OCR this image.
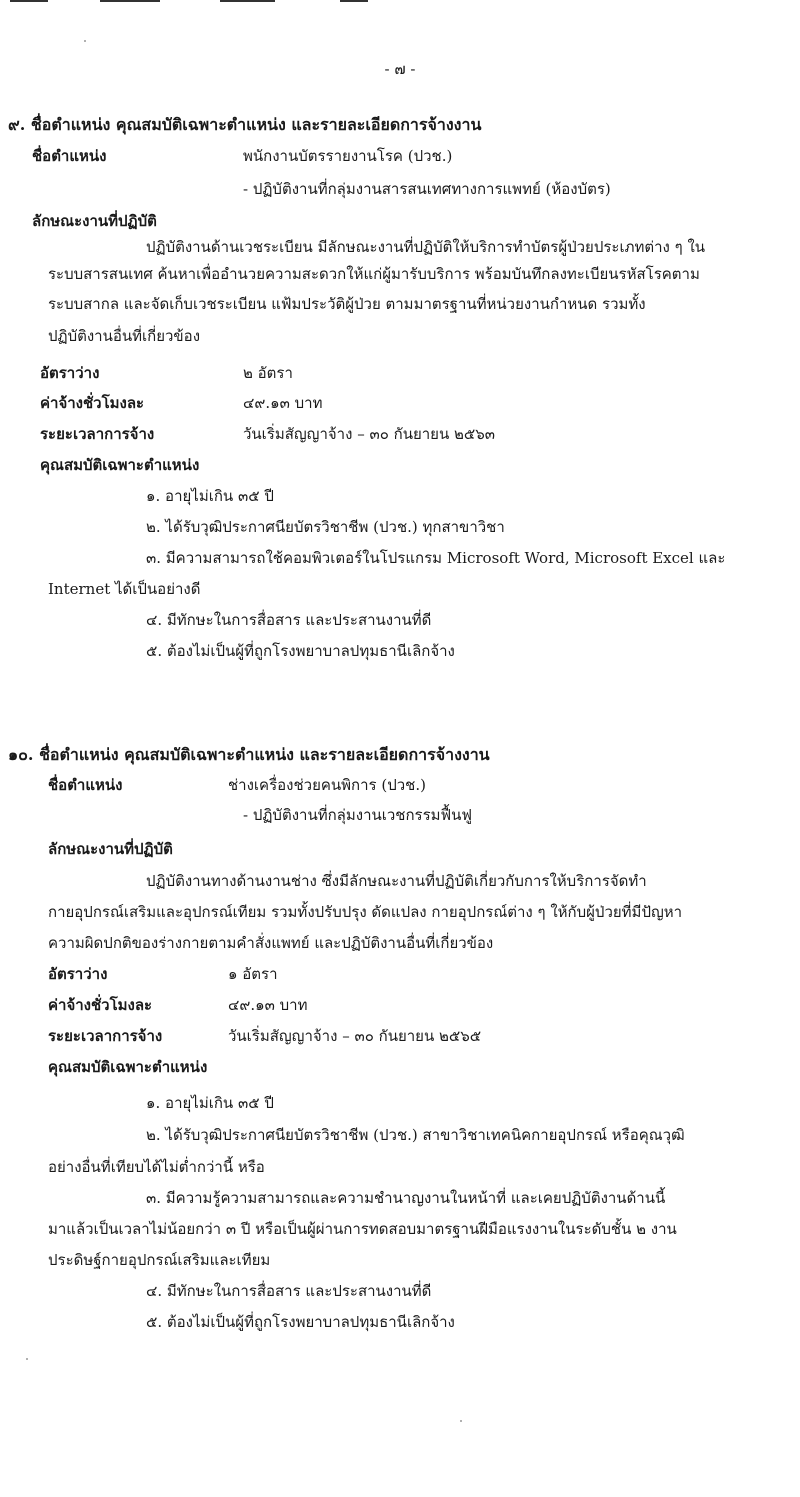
- ๗ -
๙. ชื่อตำแหน่ง คุณสมบัติเฉพาะตำแหน่ง และรายละเอียดการจ้างงาน
ชื่อตำแหน่ง	พนักงานบัตรรายงานโรค (ปวช.)
- ปฏิบัติงานที่กลุ่มงานสารสนเทศทางการแพทย์ (ห้องบัตร)
ลักษณะงานที่ปฏิบัติ
ปฏิบัติงานด้านเวชระเบียน มีลักษณะงานที่ปฏิบัติให้บริการทำบัตรผู้ป่วยประเภทต่าง ๆ ใน
ระบบสารสนเทศ ค้นหาเพื่ออำนวยความสะดวกให้แก่ผู้มารับบริการ พร้อมบันทึกลงทะเบียนรหัสโรคตาม
ระบบสากล และจัดเก็บเวชระเบียน แฟ้มประวัติผู้ป่วย ตามมาตรฐานที่หน่วยงานกำหนด รวมทั้ง
ปฏิบัติงานอื่นที่เกี่ยวข้อง
อัตราว่าง	๒ อัตรา
ค่าจ้างชั่วโมงละ	๔๙.๑๓ บาท
ระยะเวลาการจ้าง	วันเริ่มสัญญาจ้าง – ๓๐ กันยายน ๒๕๖๓
คุณสมบัติเฉพาะตำแหน่ง
๑. อายุไม่เกิน ๓๕ ปี
๒. ได้รับวุฒิประกาศนียบัตรวิชาชีพ (ปวช.) ทุกสาขาวิชา
๓. มีความสามารถใช้คอมพิวเตอร์ในโปรแกรม Microsoft Word, Microsoft Excel และ
Internet ได้เป็นอย่างดี
๔. มีทักษะในการสื่อสาร และประสานงานที่ดี
๕. ต้องไม่เป็นผู้ที่ถูกโรงพยาบาลปทุมธานีเลิกจ้าง
๑๐. ชื่อตำแหน่ง คุณสมบัติเฉพาะตำแหน่ง และรายละเอียดการจ้างงาน
ชื่อตำแหน่ง	ช่างเครื่องช่วยคนพิการ (ปวช.)
- ปฏิบัติงานที่กลุ่มงานเวชกรรมฟื้นฟู
ลักษณะงานที่ปฏิบัติ
ปฏิบัติงานทางด้านงานช่าง ซึ่งมีลักษณะงานที่ปฏิบัติเกี่ยวกับการให้บริการจัดทำ
กายอุปกรณ์เสริมและอุปกรณ์เทียม รวมทั้งปรับปรุง ดัดแปลง กายอุปกรณ์ต่าง ๆ ให้กับผู้ป่วยที่มีปัญหา
ความผิดปกติของร่างกายตามคำสั่งแพทย์ และปฏิบัติงานอื่นที่เกี่ยวข้อง
อัตราว่าง	๑ อัตรา
ค่าจ้างชั่วโมงละ	๔๙.๑๓ บาท
ระยะเวลาการจ้าง	วันเริ่มสัญญาจ้าง – ๓๐ กันยายน ๒๕๖๕
คุณสมบัติเฉพาะตำแหน่ง
๑. อายุไม่เกิน ๓๕ ปี
๒. ได้รับวุฒิประกาศนียบัตรวิชาชีพ (ปวช.) สาขาวิชาเทคนิคกายอุปกรณ์ หรือคุณวุฒิ
อย่างอื่นที่เทียบได้ไม่ต่ำกว่านี้ หรือ
๓. มีความรู้ความสามารถและความชำนาญงานในหน้าที่ และเคยปฏิบัติงานด้านนี้
มาแล้วเป็นเวลาไม่น้อยกว่า ๓ ปี หรือเป็นผู้ผ่านการทดสอบมาตรฐานฝีมือแรงงานในระดับชั้น ๒ งาน
ประดิษฐ์กายอุปกรณ์เสริมและเทียม
๔. มีทักษะในการสื่อสาร และประสานงานที่ดี
๕. ต้องไม่เป็นผู้ที่ถูกโรงพยาบาลปทุมธานีเลิกจ้าง
